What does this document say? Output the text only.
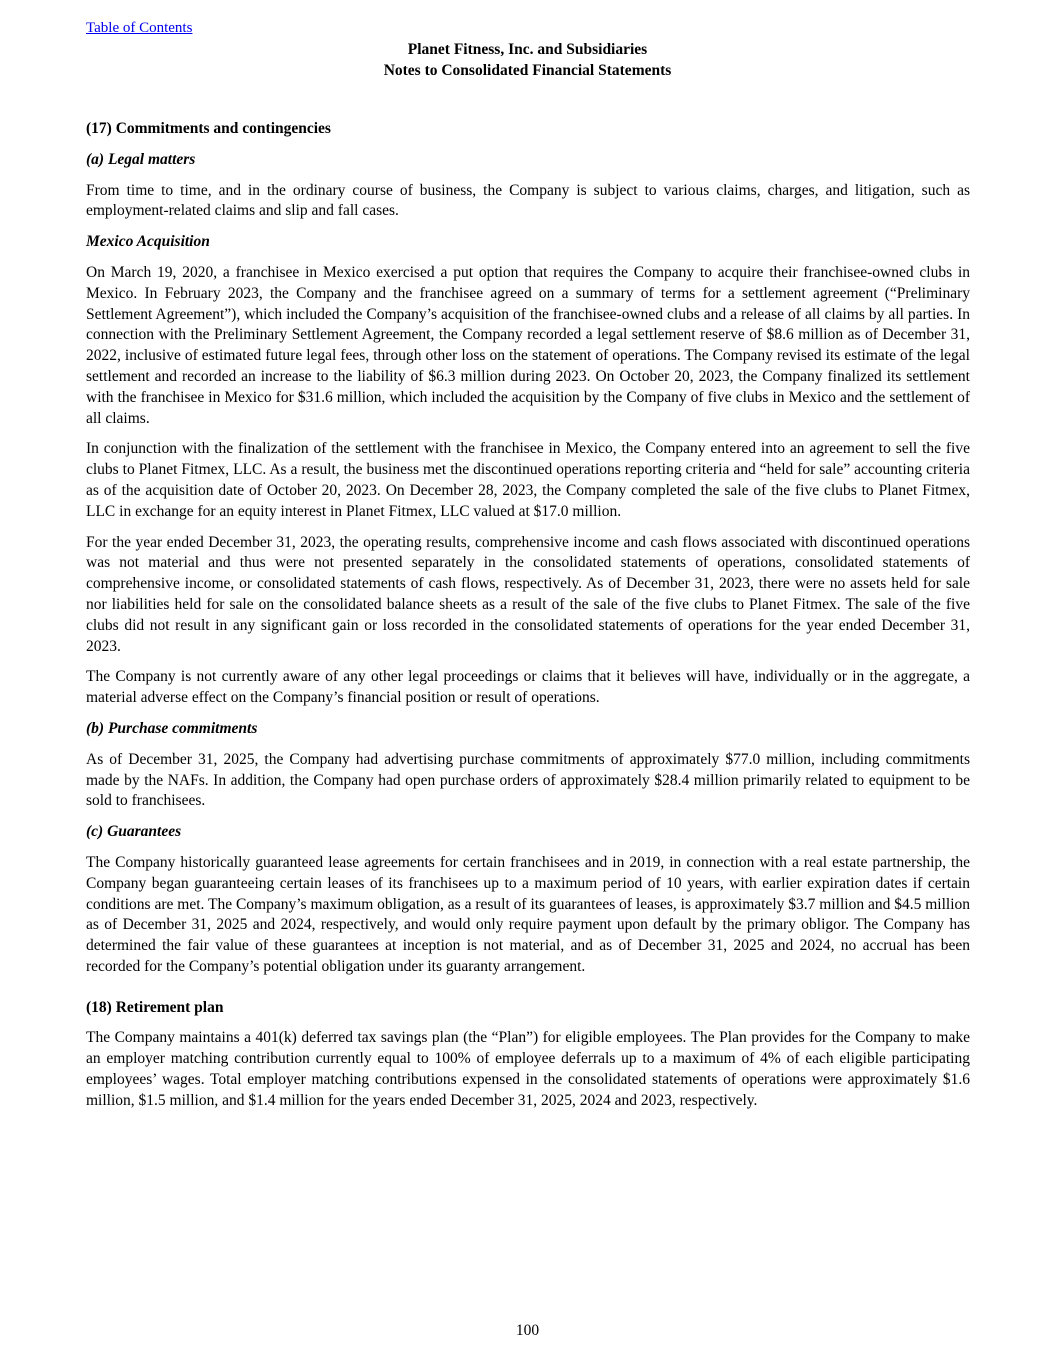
Table of Contents
Planet Fitness, Inc. and Subsidiaries
Notes to Consolidated Financial Statements
(17) Commitments and contingencies
(a) Legal matters

From time to time, and in the ordinary course of business, the Company is subject to various claims, charges, and litigation, such as employment-related claims and slip and fall cases.

Mexico Acquisition

On March 19, 2020, a franchisee in Mexico exercised a put option that requires the Company to acquire their franchisee-owned clubs in Mexico. In February 2023, the Company and the franchisee agreed on a summary of terms for a settlement agreement (“Preliminary Settlement Agreement”), which included the Company’s acquisition of the franchisee-owned clubs and a release of all claims by all parties. In connection with the Preliminary Settlement Agreement, the Company recorded a legal settlement reserve of $8.6 million as of December 31, 2022, inclusive of estimated future legal fees, through other loss on the statement of operations. The Company revised its estimate of the legal settlement and recorded an increase to the liability of $6.3 million during 2023. On October 20, 2023, the Company finalized its settlement with the franchisee in Mexico for $31.6 million, which included the acquisition by the Company of five clubs in Mexico and the settlement of all claims.

In conjunction with the finalization of the settlement with the franchisee in Mexico, the Company entered into an agreement to sell the five clubs to Planet Fitmex, LLC. As a result, the business met the discontinued operations reporting criteria and “held for sale” accounting criteria as of the acquisition date of October 20, 2023. On December 28, 2023, the Company completed the sale of the five clubs to Planet Fitmex, LLC in exchange for an equity interest in Planet Fitmex, LLC valued at $17.0 million.

For the year ended December 31, 2023, the operating results, comprehensive income and cash flows associated with discontinued operations was not material and thus were not presented separately in the consolidated statements of operations, consolidated statements of comprehensive income, or consolidated statements of cash flows, respectively. As of December 31, 2023, there were no assets held for sale nor liabilities held for sale on the consolidated balance sheets as a result of the sale of the five clubs to Planet Fitmex. The sale of the five clubs did not result in any significant gain or loss recorded in the consolidated statements of operations for the year ended December 31, 2023.

The Company is not currently aware of any other legal proceedings or claims that it believes will have, individually or in the aggregate, a material adverse effect on the Company’s financial position or result of operations.

(b) Purchase commitments

As of December 31, 2025, the Company had advertising purchase commitments of approximately $77.0 million, including commitments made by the NAFs. In addition, the Company had open purchase orders of approximately $28.4 million primarily related to equipment to be sold to franchisees.

(c) Guarantees

The Company historically guaranteed lease agreements for certain franchisees and in 2019, in connection with a real estate partnership, the Company began guaranteeing certain leases of its franchisees up to a maximum period of 10 years, with earlier expiration dates if certain conditions are met. The Company’s maximum obligation, as a result of its guarantees of leases, is approximately $3.7 million and $4.5 million as of December 31, 2025 and 2024, respectively, and would only require payment upon default by the primary obligor. The Company has determined the fair value of these guarantees at inception is not material, and as of December 31, 2025 and 2024, no accrual has been recorded for the Company’s potential obligation under its guaranty arrangement.

(18) Retirement plan

The Company maintains a 401(k) deferred tax savings plan (the “Plan”) for eligible employees. The Plan provides for the Company to make an employer matching contribution currently equal to 100% of employee deferrals up to a maximum of 4% of each eligible participating employees’ wages. Total employer matching contributions expensed in the consolidated statements of operations were approximately $1.6 million, $1.5 million, and $1.4 million for the years ended December 31, 2025, 2024 and 2023, respectively.

100
